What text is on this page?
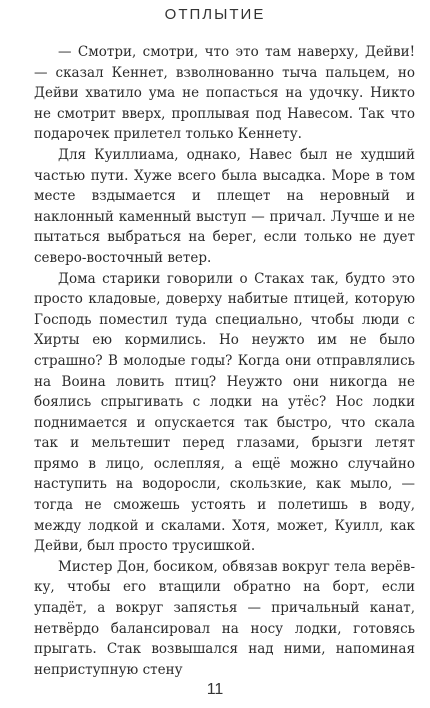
ОТПЛЫТИЕ

— Смотри, смотри, что это там наверху, Дейви! — сказал Кеннет, взволнованно тыча пальцем, но Дейви хватило ума не попасться на удочку. Никто не смотрит вверх, проплывая под Навесом. Так что подарочек прилетел только Кеннету.

Для Куиллиама, однако, Навес был не худший частью пути. Хуже всего была высадка. Море в том месте вздымается и плещет на неровный и наклонный каменный выступ — причал. Лучше и не пытаться выбраться на берег, если только не дует северо-восточный ветер.

Дома старики говорили о Стаках так, будто это просто кладовые, доверху набитые птицей, которую Господь поместил туда специально, чтобы люди с Хирты ею кормились. Но неужто им не было страшно? В молодые годы? Когда они отправлялись на Воина ловить птиц? Неужто они никогда не боялись спрыгивать с лодки на утёс? Нос лодки поднимается и опускается так быстро, что скала так и мельтешит перед глазами, брызги летят прямо в лицо, ослепляя, а ещё можно случайно наступить на водоросли, скользкие, как мыло, — тогда не сможешь устоять и полетишь в воду, между лодкой и скалами. Хотя, может, Куилл, как Дейви, был просто трусишкой.

Мистер Дон, босиком, обвязав вокруг тела верёвку, чтобы его втащили обратно на борт, если упадёт, а вокруг запястья — причальный канат, нетвёрдо балансировал на носу лодки, готовясь прыгать. Стак возвышался над ними, напоминая неприступную стену

11
